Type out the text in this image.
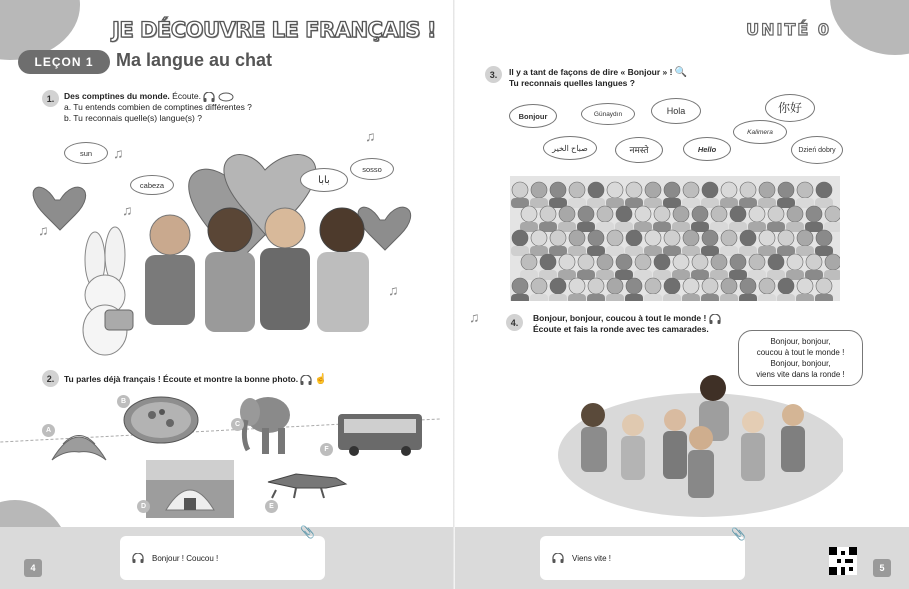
JE DÉCOUVRE LE FRANÇAIS !
LEÇON 1	Ma langue au chat
1.	Des comptines du monde. Écoute.
a. Tu entends combien de comptines différentes ?
b. Tu reconnais quelle(s) langue(s) ?
sun
cabeza	بابا
sosso
♫
♫
♫
♫
♫
2.	Tu parles déjà français ! Écoute et montre la bonne photo. ☝
A
B
C
D	E
F
4
Bonjour ! Coucou !
📎
UNITÉ 0
3.	Il y a tant de façons de dire « Bonjour » ! 🔍
Tu reconnais quelles langues ?
Bonjour	Günaydın	Hola	你好
صباح الخير	नमस्ते	Hello
Kalimera
Dzień dobry
♫	4.	Bonjour, bonjour, coucou à tout le monde !
Écoute et fais la ronde avec tes camarades.
Bonjour, bonjour,
coucou à tout le monde !
Bonjour, bonjour,
viens vite dans la ronde !
Viens vite !
📎
5
